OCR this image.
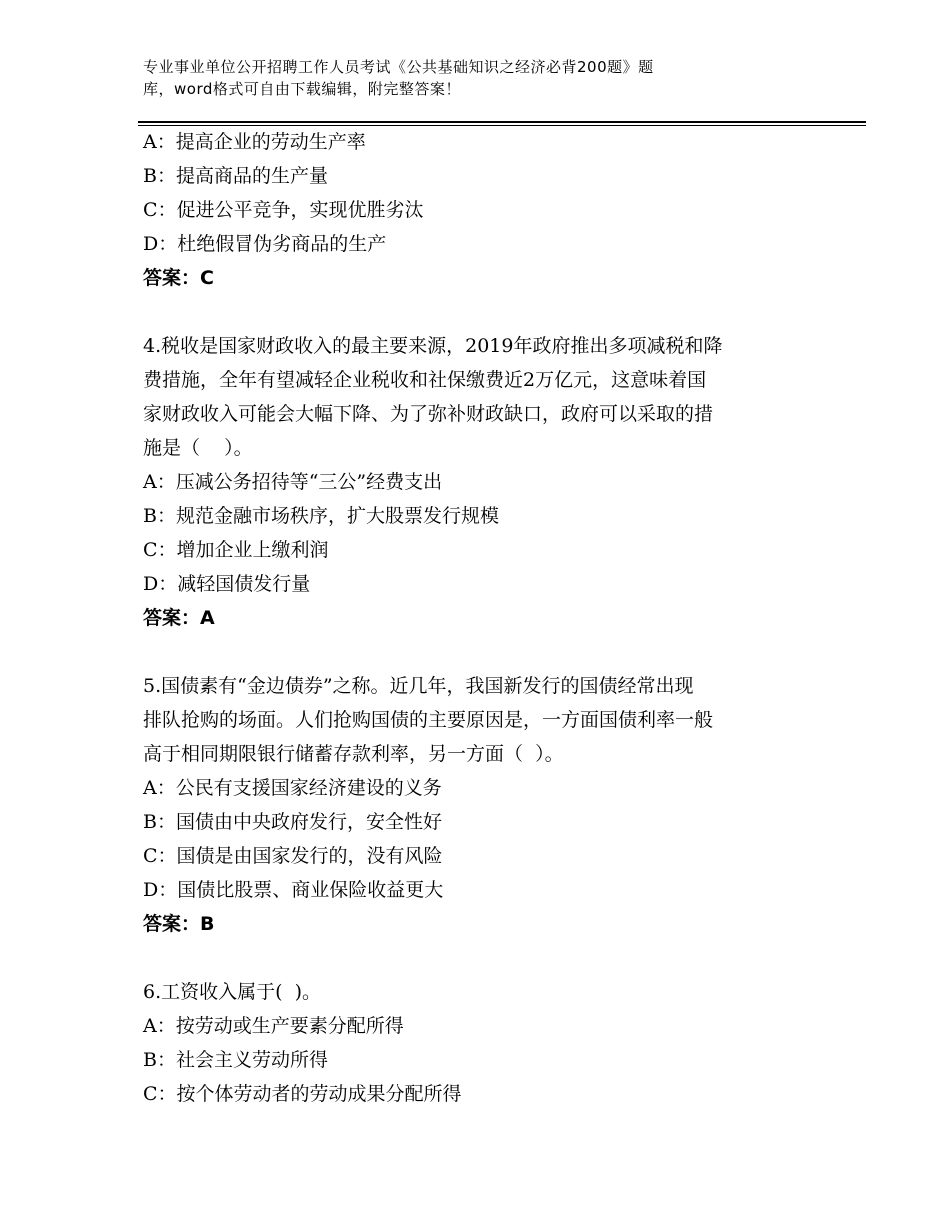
专业事业单位公开招聘工作人员考试《公共基础知识之经济必背200题》题
库，word格式可自由下载编辑，附完整答案！
A：提高企业的劳动生产率
B：提高商品的生产量
C：促进公平竞争，实现优胜劣汰
D：杜绝假冒伪劣商品的生产
答案：C
4.税收是国家财政收入的最主要来源，2019年政府推出多项减税和降
费措施，全年有望减轻企业税收和社保缴费近2万亿元，这意味着国
家财政收入可能会大幅下降、为了弥补财政缺口，政府可以采取的措
施是（    ）。
A：压减公务招待等“三公”经费支出
B：规范金融市场秩序，扩大股票发行规模
C：增加企业上缴利润
D：减轻国债发行量
答案：A
5.国债素有“金边债券”之称。近几年，我国新发行的国债经常出现
排队抢购的场面。人们抢购国债的主要原因是，一方面国债利率一般
高于相同期限银行储蓄存款利率，另一方面（  ）。
A：公民有支援国家经济建设的义务
B：国债由中央政府发行，安全性好
C：国债是由国家发行的，没有风险
D：国债比股票、商业保险收益更大
答案：B
6.工资收入属于(  )。
A：按劳动或生产要素分配所得
B：社会主义劳动所得
C：按个体劳动者的劳动成果分配所得
